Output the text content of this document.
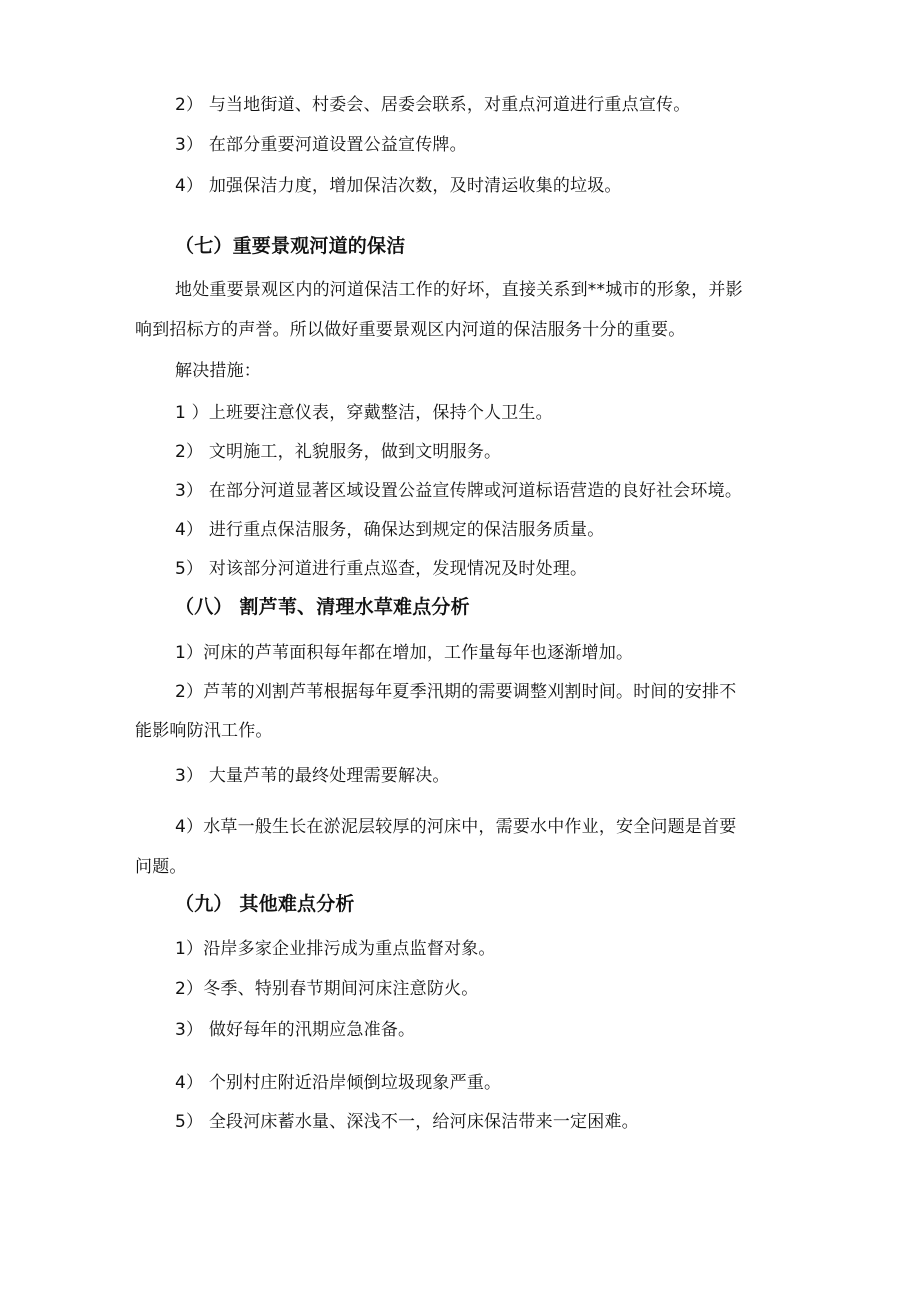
2） 与当地街道、村委会、居委会联系，对重点河道进行重点宣传。
3） 在部分重要河道设置公益宣传牌。
4） 加强保洁力度，增加保洁次数，及时清运收集的垃圾。
（七）重要景观河道的保洁
地处重要景观区内的河道保洁工作的好坏，直接关系到**城市的形象，并影
响到招标方的声誉。所以做好重要景观区内河道的保洁服务十分的重要。
解决措施：
1 ）上班要注意仪表，穿戴整洁，保持个人卫生。
2） 文明施工，礼貌服务，做到文明服务。
3） 在部分河道显著区域设置公益宣传牌或河道标语营造的良好社会环境。
4） 进行重点保洁服务，确保达到规定的保洁服务质量。
5） 对该部分河道进行重点巡查，发现情况及时处理。
（八） 割芦苇、清理水草难点分析
1）河床的芦苇面积每年都在增加，工作量每年也逐渐增加。
2）芦苇的刈割芦苇根据每年夏季汛期的需要调整刈割时间。时间的安排不
能影响防汛工作。
3） 大量芦苇的最终处理需要解决。
4）水草一般生长在淤泥层较厚的河床中，需要水中作业，安全问题是首要
问题。
（九） 其他难点分析
1）沿岸多家企业排污成为重点监督对象。
2）冬季、特别春节期间河床注意防火。
3） 做好每年的汛期应急准备。
4） 个别村庄附近沿岸倾倒垃圾现象严重。
5） 全段河床蓄水量、深浅不一，给河床保洁带来一定困难。
